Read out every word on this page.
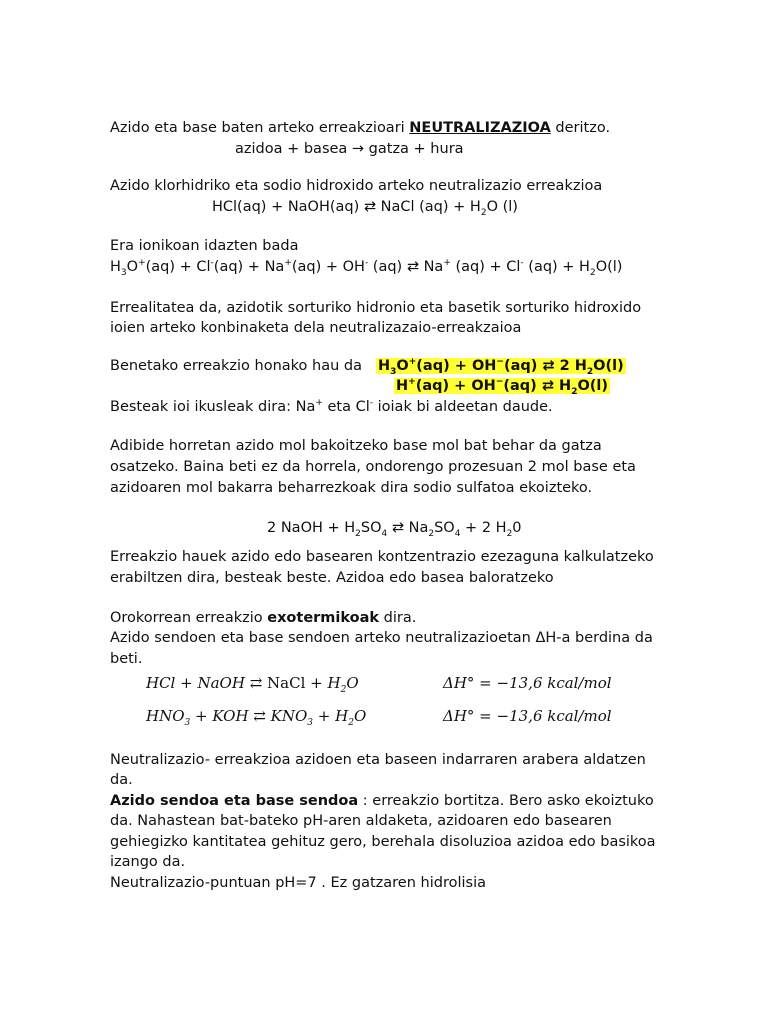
Azido eta base baten arteko erreakzioari NEUTRALIZAZIOA deritzo.
azidoa + basea → gatza + hura
Azido klorhidriko eta sodio hidroxido arteko neutralizazio erreakzioa
HCl(aq) + NaOH(aq) ⇄ NaCl $(aq) + H_2O$ (l)
Era ionikoan idazten bada
$H_3O^+(aq) + Cl^-(aq) + Na^+(aq) + OH^-$ (aq) ⇄ Na+ (aq) + Cl- $(aq) + H_2O(l)$
Errealitatea da, azidotik sorturiko hidronio eta basetik sorturiko hidroxido
ioien arteko konbinaketa dela neutralizazaio-erreakzaioa
Benetako erreakzio honako hau da $H_3O^+(aq) + OH^-(aq)$ ⇄ 2 $H_2O(l)$
H+(aq) + OH−(aq) ⇄ $H_2O(l)$
Besteak ioi ikusleak dira: Na+ eta Cl- ioiak bi aldeetan daude.
Adibide horretan azido mol bakoitzeko base mol bat behar da gatza
osatzeko. Baina beti ez da horrela, ondorengo prozesuan 2 mol base eta
azidoaren mol bakarra beharrezkoak dira sodio sulfatoa ekoizteko.
2 NaOH + $H_2SO_4$ ⇄ $Na_2SO_4 + 2$ $H_20$
Erreakzio hauek azido edo basearen kontzentrazio ezezaguna kalkulatzeko
erabiltzen dira, besteak beste. Azidoa edo basea baloratzeko
Orokorrean erreakzio exotermikoak dira.
Azido sendoen eta base sendoen arteko neutralizazioetan ΔH-a berdina da
beti.
HCl + NaOH ⇄ NaCl + $H_2O$	ΔH° = −13,6 kcal/mol
$HNO_3$ + KOH ⇄ $KNO_3 + H_2O$	ΔH° = −13,6 kcal/mol
Neutralizazio- erreakzioa azidoen eta baseen indarraren arabera aldatzen
da.
Azido sendoa eta base sendoa : erreakzio bortitza. Bero asko ekoiztuko
da. Nahastean bat-bateko pH-aren aldaketa, azidoaren edo basearen
gehiegizko kantitatea gehituz gero, berehala disoluzioa azidoa edo basikoa
izango da.
Neutralizazio-puntuan pH=7 . Ez gatzaren hidrolisia
